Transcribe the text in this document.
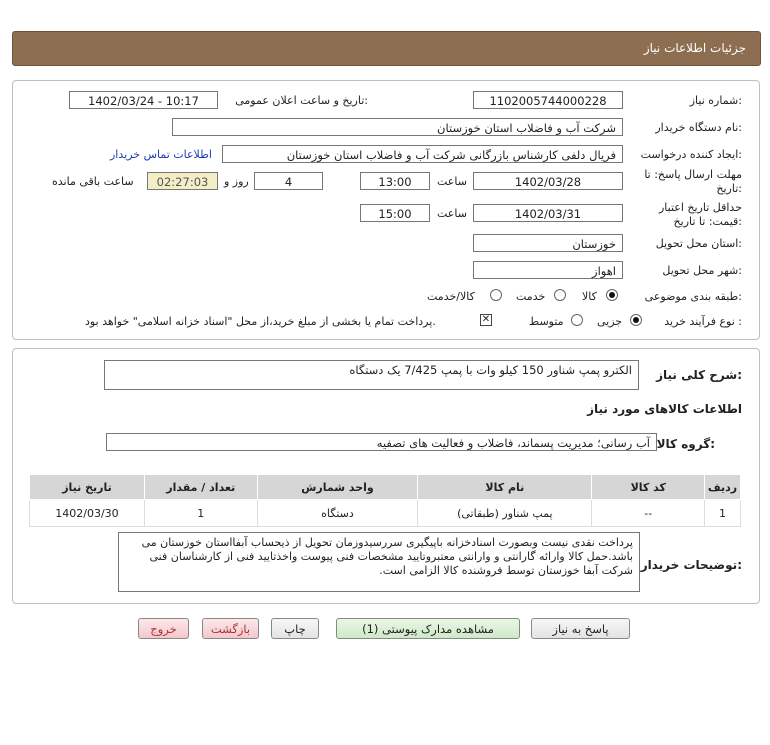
جزئیات اطلاعات نیاز
شماره نیاز:
1102005744000228
تاریخ و ساعت اعلان عمومی:
1402/03/24 - 10:17
نام دستگاه خریدار:
شرکت آب و فاضلاب استان خوزستان
ایجاد کننده درخواست:
فریال دلفی کارشناس بازرگانی شرکت آب و فاضلاب استان خوزستان
اطلاعات تماس خریدار
مهلت ارسال پاسخ: تا تاریخ:
1402/03/28
ساعت
13:00
4
روز و
02:27:03
ساعت باقی مانده
حداقل تاریخ اعتبار قیمت: تا تاریخ:
1402/03/31
ساعت
15:00
استان محل تحویل:
خوزستان
شهر محل تحویل:
اهواز
طبقه بندی موضوعی:
کالا
خدمت
کالا/خدمت
نوع فرآیند خرید :
جزیی
متوسط
✕
پرداخت تمام یا بخشی از مبلغ خرید،از محل "اسناد خزانه اسلامی" خواهد بود.
شرح کلی نیاز:
الکترو پمپ شناور 150 کیلو وات با پمپ 7/425 یک دستگاه
اطلاعات کالاهای مورد نیاز
گروه کالا:
آب رسانی؛ مدیریت پسماند، فاضلاب و فعالیت های تصفیه
ردیف	کد کالا	نام کالا	واحد شمارش	تعداد / مقدار	تاریخ نیاز
1	--	پمپ شناور (طبقاتی)	دستگاه	1	1402/03/30
توضیحات خریدار:
پرداخت نقدی نیست وبصورت اسنادخزانه باپیگیری سررسیدوزمان تحویل از ذیحساب آبفااستان خوزستان می باشد.حمل کالا وارائه گارانتی و وارانتی معتبروتایید مشخصات فنی پیوست واخذتایید فنی از کارشناسان فنی شرکت آبفا خوزستان توسط فروشنده کالا الزامی است.
پاسخ به نیاز
مشاهده مدارک پیوستی (1)
چاپ
بازگشت
خروج
